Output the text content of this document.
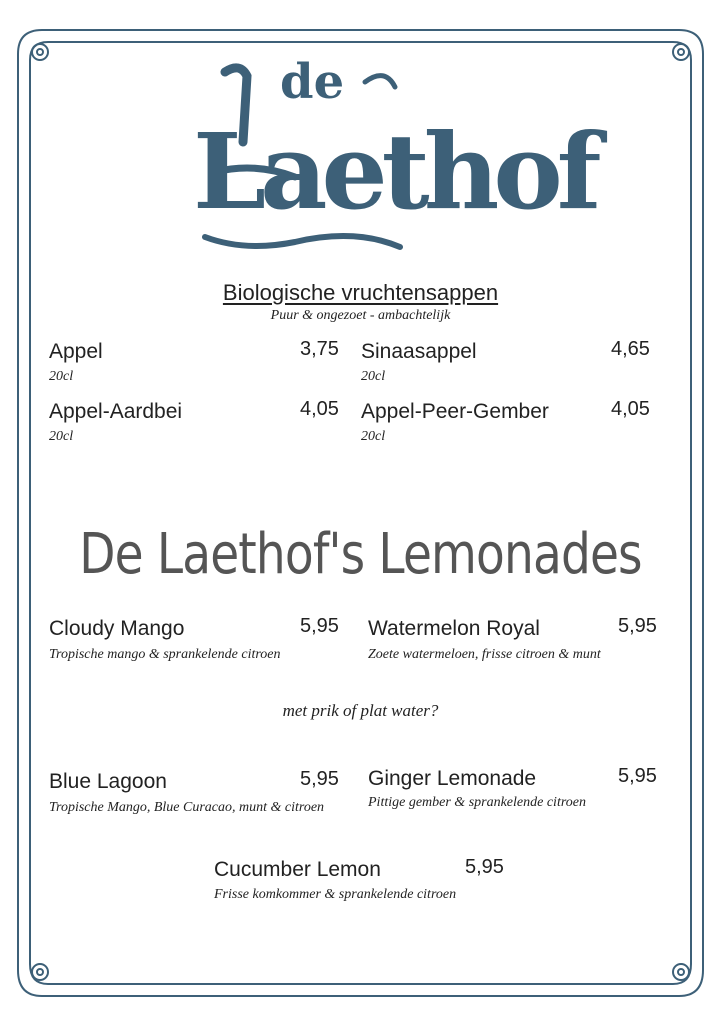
de
Laethof
Biologische vruchtensappen
Puur & ongezoet - ambachtelijk
Appel	3,75
20cl
Sinaasappel	4,65
20cl
Appel-Aardbei	4,05
20cl
Appel-Peer-Gember	4,05
20cl
De Laethof's Lemonades
Cloudy Mango	5,95
Tropische mango & sprankelende citroen
Watermelon Royal	5,95
Zoete watermeloen, frisse citroen & munt
met prik of plat water?
Blue Lagoon	5,95
Tropische Mango, Blue Curacao, munt & citroen
Ginger Lemonade	5,95
Pittige gember & sprankelende citroen
Cucumber Lemon	5,95
Frisse komkommer & sprankelende citroen
